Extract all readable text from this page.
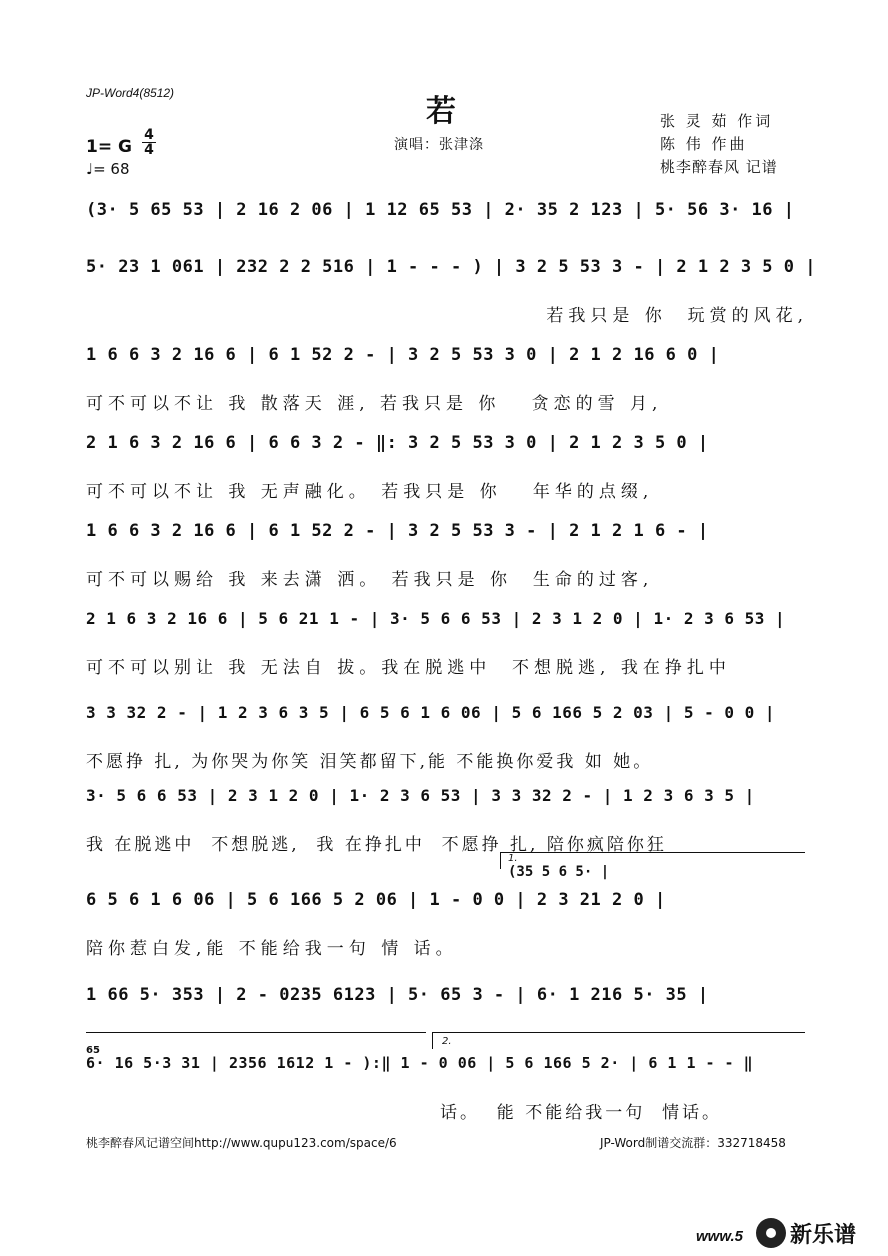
JP-Word4(8512)
若
演唱：张津涤
张 灵 茹 作词
陈 伟 作曲
桃李醉春风 记谱
1= G
4
4
♩= 68
(3· 5 65 53 | 2 16 2 06 | 1 12 65 53 | 2· 35 2 123 | 5· 56 3· 16 |
5· 23 1 061 | 232 2 2 516 | 1 - - - ) | 3 2 5 53 3 - | 2 1 2 3 5 0 |
若我只是 你  玩赏的风花,
1 6 6 3 2 16 6 | 6 1 52 2 - | 3 2 5 53 3 0 | 2 1 2 16 6 0 |
可不可以不让 我 散落天 涯, 若我只是 你   贪恋的雪 月,
2 1 6 3 2 16 6 | 6 6 3 2 - ‖: 3 2 5 53 3 0 | 2 1 2 3 5 0 |
可不可以不让 我 无声融化。 若我只是 你   年华的点缀,
1 6 6 3 2 16 6 | 6 1 52 2 - | 3 2 5 53 3 - | 2 1 2 1 6 - |
可不可以赐给 我 来去潇 洒。 若我只是 你  生命的过客,
2 1 6 3 2 16 6 | 5 6 21 1 - | 3· 5 6 6 53 | 2 3 1 2 0 | 1· 2 3 6 53 |
可不可以别让 我 无法自 拔。我在脱逃中  不想脱逃, 我在挣扎中
3 3 32 2 - | 1 2 3 6 3 5 | 6 5 6 1 6 06 | 5 6 166 5 2 03 | 5 - 0 0 |
不愿挣 扎, 为你哭为你笑 泪笑都留下,能 不能换你爱我 如 她。
3· 5 6 6 53 | 2 3 1 2 0 | 1· 2 3 6 53 | 3 3 32 2 - | 1 2 3 6 3 5 |
我 在脱逃中  不想脱逃,  我 在挣扎中  不愿挣 扎, 陪你疯陪你狂
1.
(35 5 6 5· |
6 5 6 1 6 06 | 5 6 166 5 2 06 | 1 - 0 0 | 2 3 21 2 0 |
陪你惹白发,能 不能给我一句 情 话。
1 66 5· 353 | 2 - 0235 6123 | 5· 65 3 - | 6· 1 216 5· 35 |
2.
65
6· 16 5·3 31 | 2356 1612 1 - ):‖ 1 - 0 06 | 5 6 166 5 2· | 6 1 1 - - ‖
话。  能 不能给我一句  情话。
桃李醉春风记谱空间http://www.qupu123.com/space/6	JP-Word制谱交流群：332718458
www.5 新乐谱
